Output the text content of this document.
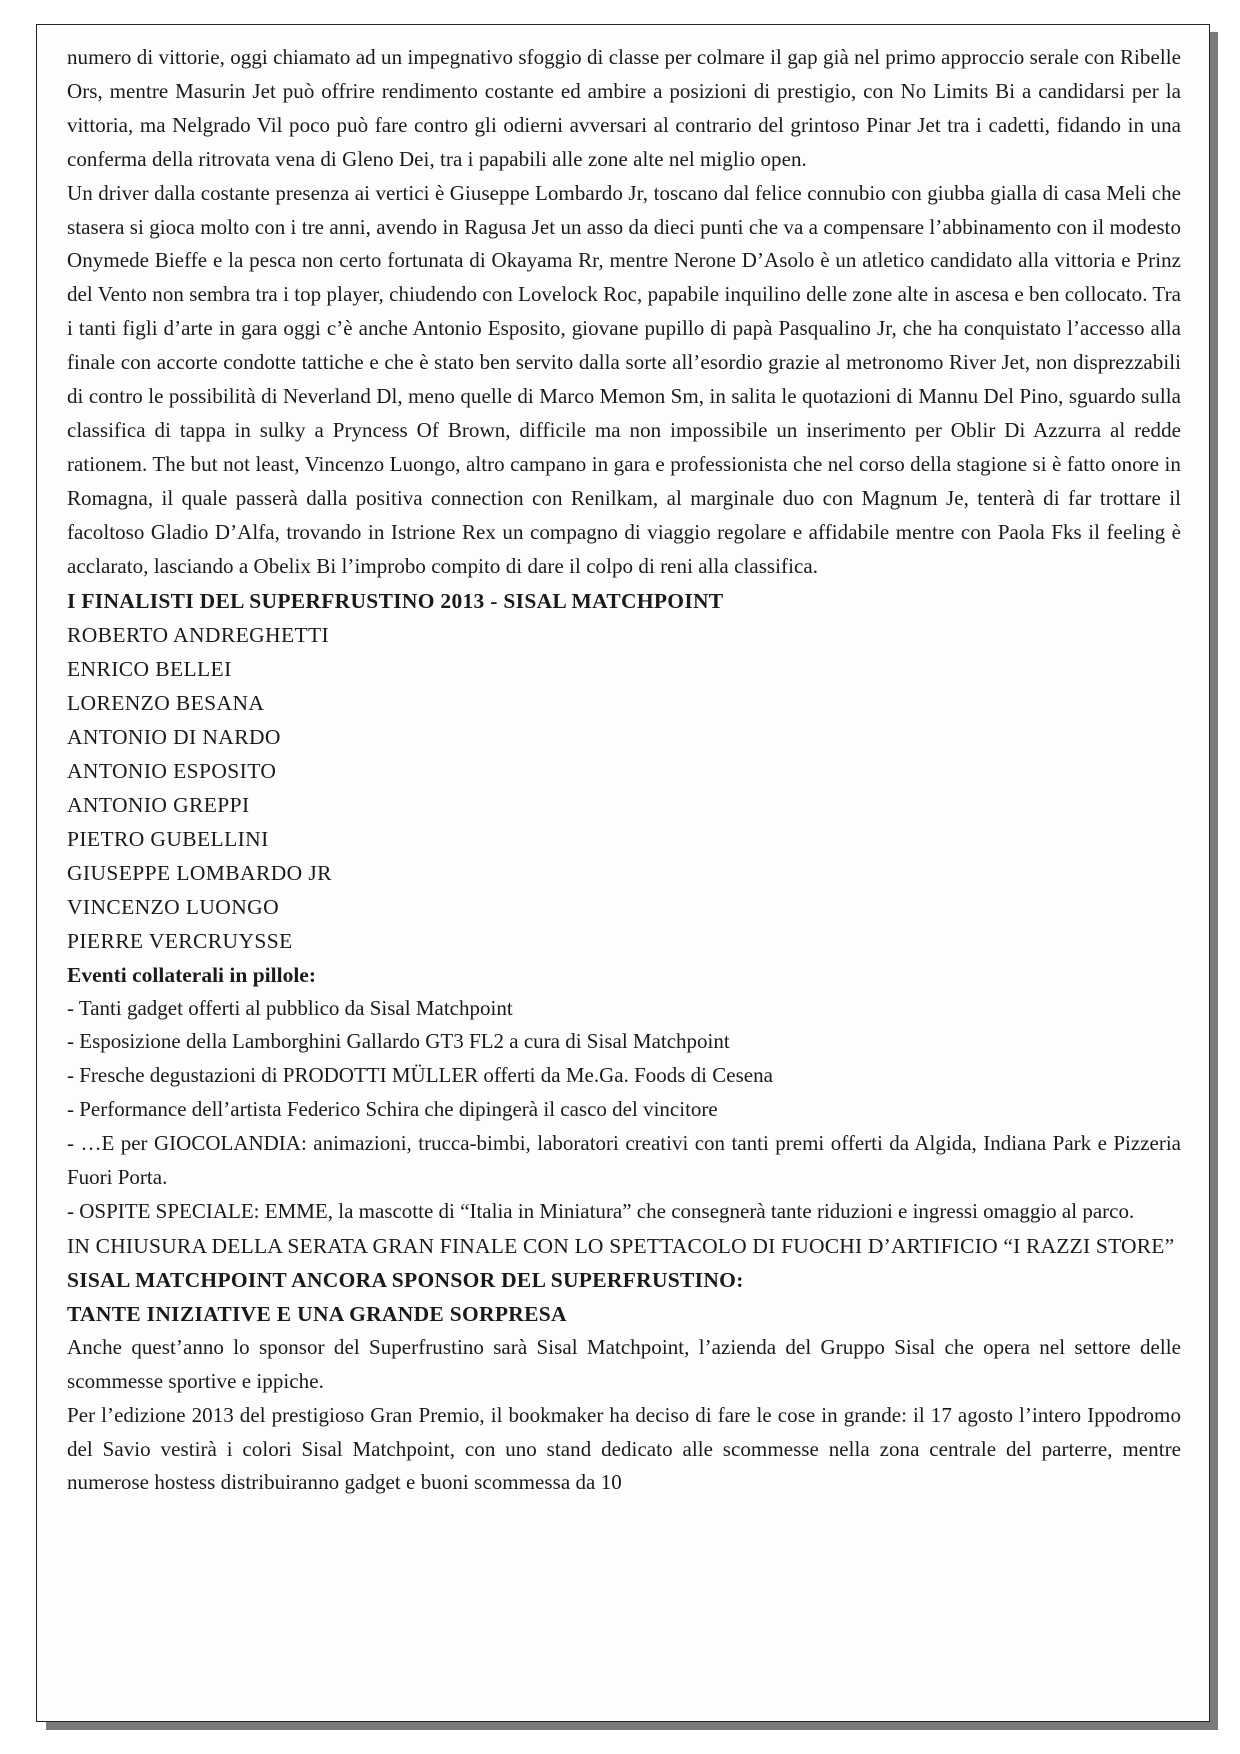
numero di vittorie, oggi chiamato ad un impegnativo sfoggio di classe per colmare il gap già nel primo approccio serale con Ribelle Ors, mentre Masurin Jet può offrire rendimento costante ed ambire a posizioni di prestigio, con No Limits Bi a candidarsi per la vittoria, ma Nelgrado Vil poco può fare contro gli odierni avversari al contrario del grintoso Pinar Jet tra i cadetti, fidando in una conferma della ritrovata vena di Gleno Dei, tra i papabili alle zone alte nel miglio open.

Un driver dalla costante presenza ai vertici è Giuseppe Lombardo Jr, toscano dal felice connubio con giubba gialla di casa Meli che stasera si gioca molto con i tre anni, avendo in Ragusa Jet un asso da dieci punti che va a compensare l’abbinamento con il modesto Onymede Bieffe e la pesca non certo fortunata di Okayama Rr, mentre Nerone D’Asolo è un atletico candidato alla vittoria e Prinz del Vento non sembra tra i top player, chiudendo con Lovelock Roc, papabile inquilino delle zone alte in ascesa e ben collocato. Tra i tanti figli d’arte in gara oggi c’è anche Antonio Esposito, giovane pupillo di papà Pasqualino Jr, che ha conquistato l’accesso alla finale con accorte condotte tattiche e che è stato ben servito dalla sorte all’esordio grazie al metronomo River Jet, non disprezzabili di contro le possibilità di Neverland Dl, meno quelle di Marco Memon Sm, in salita le quotazioni di Mannu Del Pino, sguardo sulla classifica di tappa in sulky a Pryncess Of Brown, difficile ma non impossibile un inserimento per Oblir Di Azzurra al redde rationem. The but not least, Vincenzo Luongo, altro campano in gara e professionista che nel corso della stagione si è fatto onore in Romagna, il quale passerà dalla positiva connection con Renilkam, al marginale duo con Magnum Je, tenterà di far trottare il facoltoso Gladio D’Alfa, trovando in Istrione Rex un compagno di viaggio regolare e affidabile mentre con Paola Fks il feeling è acclarato, lasciando a Obelix Bi l’improbo compito di dare il colpo di reni alla classifica.

I FINALISTI DEL SUPERFRUSTINO 2013 - SISAL MATCHPOINT

ROBERTO ANDREGHETTI
ENRICO BELLEI
LORENZO BESANA
ANTONIO DI NARDO
ANTONIO ESPOSITO
ANTONIO GREPPI
PIETRO GUBELLINI
GIUSEPPE LOMBARDO JR
VINCENZO LUONGO
PIERRE VERCRUYSSE

Eventi collaterali in pillole:

- Tanti gadget offerti al pubblico da Sisal Matchpoint

- Esposizione della Lamborghini Gallardo GT3 FL2 a cura di Sisal Matchpoint

- Fresche degustazioni di PRODOTTI MÜLLER offerti da Me.Ga. Foods di Cesena

- Performance dell’artista Federico Schira che dipingerà il casco del vincitore

- …E per GIOCOLANDIA: animazioni, trucca-bimbi, laboratori creativi con tanti premi offerti da Algida, Indiana Park e Pizzeria Fuori Porta.

- OSPITE SPECIALE: EMME, la mascotte di “Italia in Miniatura” che consegnerà tante riduzioni e ingressi omaggio al parco.

IN CHIUSURA DELLA SERATA GRAN FINALE CON LO SPETTACOLO DI FUOCHI D’ARTIFICIO “I RAZZI STORE”

SISAL MATCHPOINT ANCORA SPONSOR DEL SUPERFRUSTINO:

TANTE INIZIATIVE E UNA GRANDE SORPRESA

Anche quest’anno lo sponsor del Superfrustino sarà Sisal Matchpoint, l’azienda del Gruppo Sisal che opera nel settore delle scommesse sportive e ippiche.

Per l’edizione 2013 del prestigioso Gran Premio, il bookmaker ha deciso di fare le cose in grande: il 17 agosto l’intero Ippodromo del Savio vestirà i colori Sisal Matchpoint, con uno stand dedicato alle scommesse nella zona centrale del parterre, mentre numerose hostess distribuiranno gadget e buoni scommessa da 10
